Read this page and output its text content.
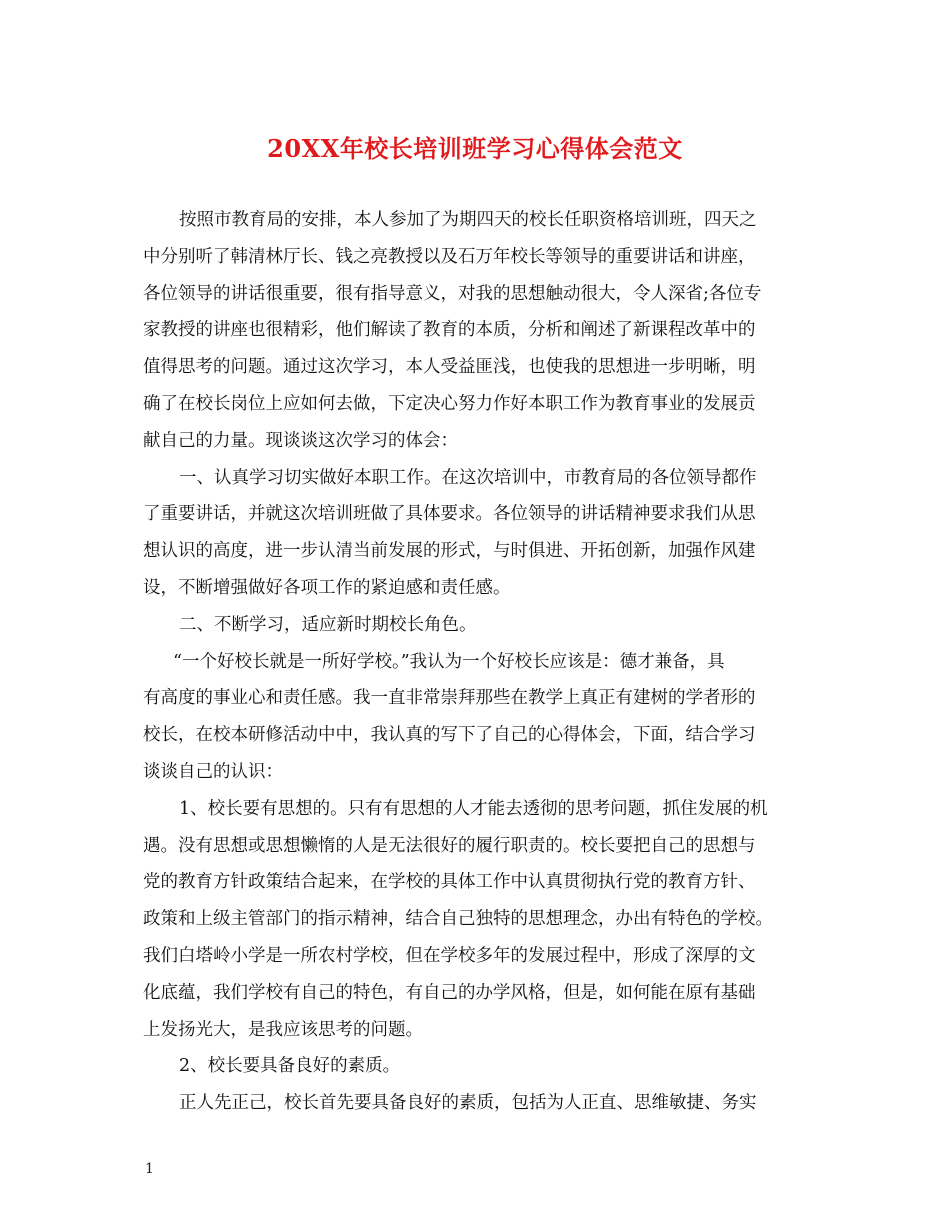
20XX年校长培训班学习心得体会范文
按照市教育局的安排，本人参加了为期四天的校长任职资格培训班，四天之
中分别听了韩清林厅长、钱之亮教授以及石万年校长等领导的重要讲话和讲座，
各位领导的讲话很重要，很有指导意义，对我的思想触动很大，令人深省;各位专
家教授的讲座也很精彩，他们解读了教育的本质，分析和阐述了新课程改革中的
值得思考的问题。通过这次学习，本人受益匪浅，也使我的思想进一步明晰，明
确了在校长岗位上应如何去做，下定决心努力作好本职工作为教育事业的发展贡
献自己的力量。现谈谈这次学习的体会：
一、认真学习切实做好本职工作。在这次培训中，市教育局的各位领导都作
了重要讲话，并就这次培训班做了具体要求。各位领导的讲话精神要求我们从思
想认识的高度，进一步认清当前发展的形式，与时俱进、开拓创新，加强作风建
设，不断增强做好各项工作的紧迫感和责任感。
二、不断学习，适应新时期校长角色。
“一个好校长就是一所好学校。”我认为一个好校长应该是：德才兼备，具
有高度的事业心和责任感。我一直非常崇拜那些在教学上真正有建树的学者形的
校长，在校本研修活动中中，我认真的写下了自己的心得体会，下面，结合学习
谈谈自己的认识：
1、校长要有思想的。只有有思想的人才能去透彻的思考问题，抓住发展的机
遇。没有思想或思想懒惰的人是无法很好的履行职责的。校长要把自己的思想与
党的教育方针政策结合起来，在学校的具体工作中认真贯彻执行党的教育方针、
政策和上级主管部门的指示精神，结合自己独特的思想理念，办出有特色的学校。
我们白塔岭小学是一所农村学校，但在学校多年的发展过程中，形成了深厚的文
化底蕴，我们学校有自己的特色，有自己的办学风格，但是，如何能在原有基础
上发扬光大，是我应该思考的问题。
2、校长要具备良好的素质。
正人先正己，校长首先要具备良好的素质，包括为人正直、思维敏捷、务实
1
